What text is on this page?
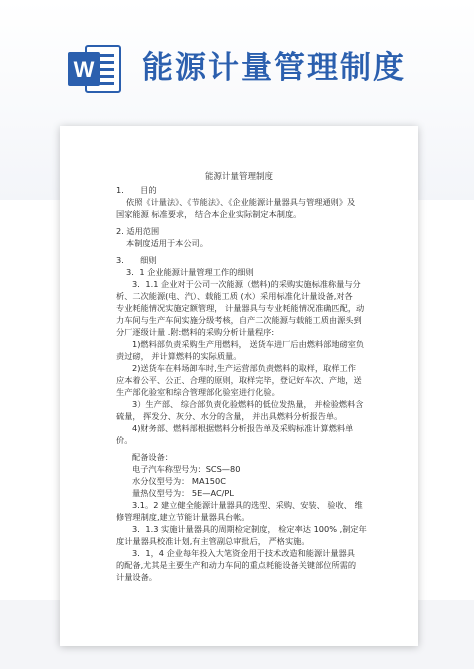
W 能源计量管理制度

能源计量管理制度

1.　　目的

依照《计量法》、《节能法》、《企业能源计量器具与管理通则》及

国家能源 标准要求， 结合本企业实际制定本制度。

2. 适用范围

本制度适用于本公司。

3.　　细则

3．1 企业能源计量管理工作的细则

3．1.1 企业对于公司一次能源（燃料)的采购实施标准称量与分

析、二次能源(电、汽）、载能工质 (水）采用标准化计量设备,对各

专业耗能情况实施定额管理， 计量器具与专业耗能情况准确匹配，动

力车间与生产车间实施分级考核，自产二次能源与载能工质由源头到

分厂逐级计量 .附:燃料的采购分析计量程序:

1)燃料部负责采购生产用燃料， 送货车进厂后由燃料部地磅室负

责过磅， 并计算燃料的实际质量。

2)送货车在料场卸车时,生产运营部负责燃料的取样，取样工作

应本着公平、公正、合理的原则，取样完毕，登记好车次、产地，送

生产部化验室和综合管理部化验室进行化验。

3）生产部、 综合部负责化验燃料的低位发热量， 并检验燃料含

硫量， 挥发分、灰分、水分的含量， 并出具燃料分析报告单。

4)财务部、燃料部根据燃料分析报告单及采购标准计算燃料单

价。

配备设备：

电子汽车称型号为：SCS—80

水分仪型号为： MA150C

量热仪型号为： 5E—AC/PL

3.1。2 建立健全能源计量器具的选型、采购、安装、 验收、 维

修管理制度,建立节能计量器具台帐。

3．1.3 实施计量器具的周期检定制度， 检定率达 100% ,制定年

度计量器具校准计划,有主管副总审批后， 严格实施。

3．1，4 企业每年投入大笔资金用于技术改造和能源计量器具

的配备,尤其是主要生产和动力车间的重点耗能设备关键部位所需的

计量设备。
